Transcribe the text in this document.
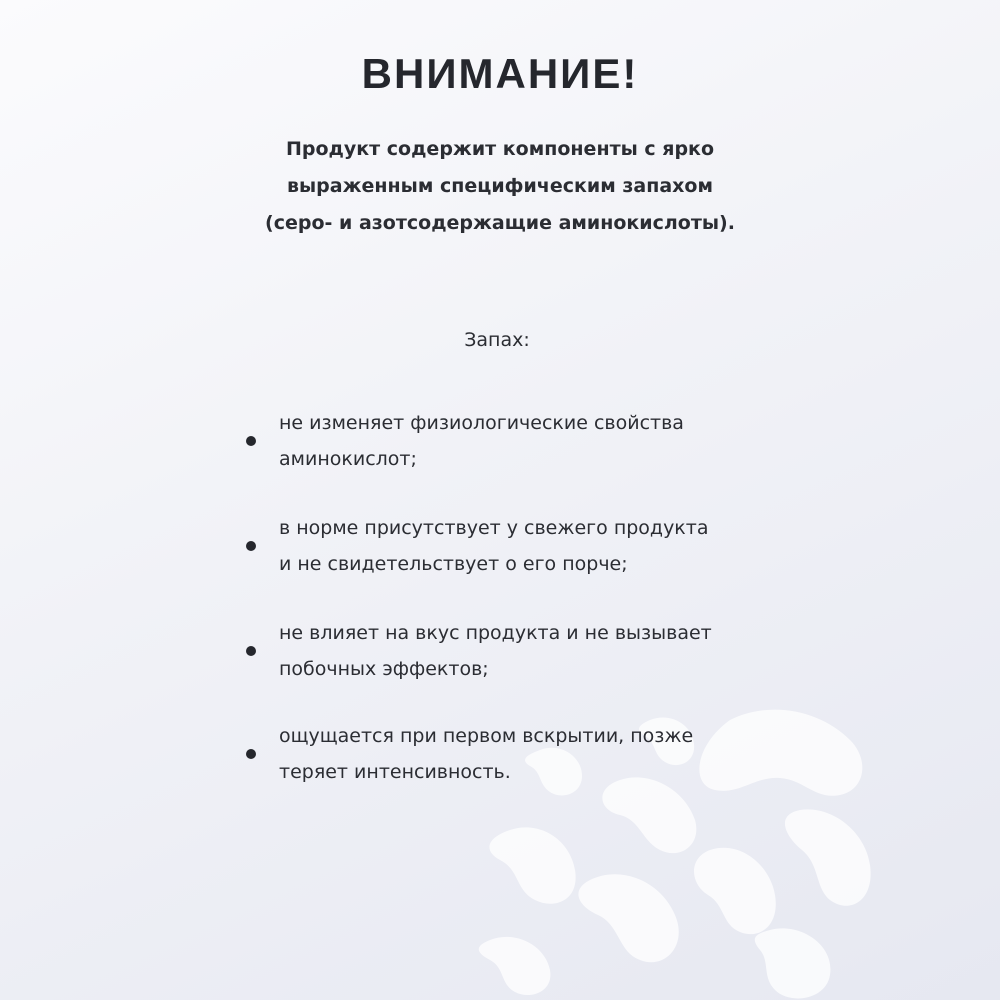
ВНИМАНИЕ!
Продукт содержит компоненты с ярко
выраженным специфическим запахом
(серо- и азотсодержащие аминокислоты).
Запах:
не изменяет физиологические свойства
аминокислот;
в норме присутствует у свежего продукта
и не свидетельствует о его порче;
не влияет на вкус продукта и не вызывает
побочных эффектов;
ощущается при первом вскрытии, позже
теряет интенсивность.
